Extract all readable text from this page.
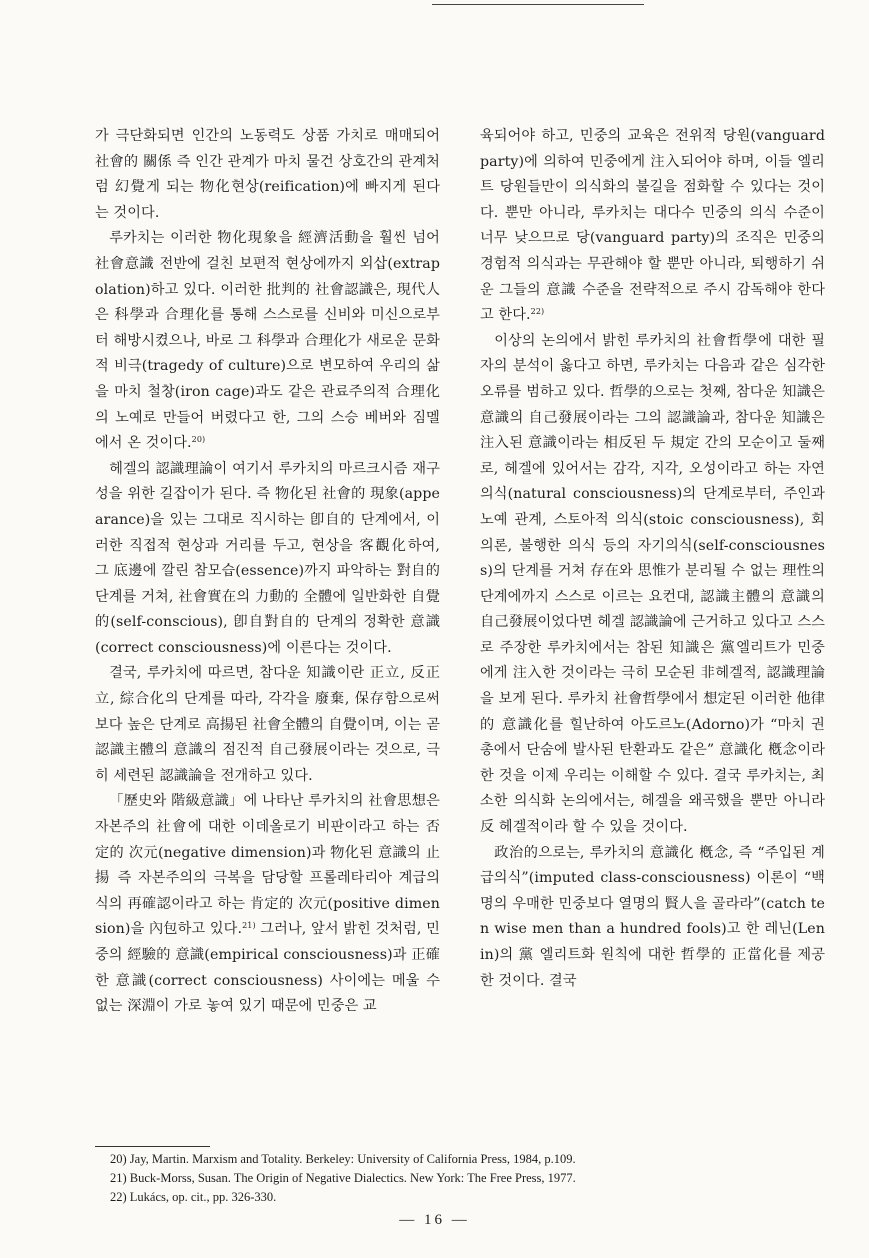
가 극단화되면 인간의 노동력도 상품 가치로 매매되어 社會的 關係 즉 인간 관계가 마치 물건 상호간의 관계처럼 幻覺게 되는 物化현상(reification)에 빠지게 된다는 것이다.

루카치는 이러한 物化現象을 經濟活動을 훨씬 넘어 社會意識 전반에 걸친 보편적 현상에까지 외삽(extrapolation)하고 있다. 이러한 批判的 社會認識은, 現代人은 科學과 合理化를 통해 스스로를 신비와 미신으로부터 해방시켰으나, 바로 그 科學과 合理化가 새로운 문화적 비극(tragedy of culture)으로 변모하여 우리의 삶을 마치 철창(iron cage)과도 같은 관료주의적 合理化의 노예로 만들어 버렸다고 한, 그의 스승 베버와 짐멜에서 온 것이다.$^{20)}$

헤겔의 認識理論이 여기서 루카치의 마르크시즘 재구성을 위한 길잡이가 된다. 즉 物化된 社會的 現象(appearance)을 있는 그대로 직시하는 卽自的 단계에서, 이러한 직접적 현상과 거리를 두고, 현상을 客觀化하여, 그 底邊에 깔린 참모습(essence)까지 파악하는 對自的 단계를 거쳐, 社會實在의 力動的 全體에 일반화한 自覺的(self-conscious), 卽自對自的 단계의 정확한 意識(correct consciousness)에 이른다는 것이다.

결국, 루카치에 따르면, 참다운 知識이란 正立, 反正立, 綜合化의 단계를 따라, 각각을 廢棄, 保存함으로써 보다 높은 단계로 高揚된 社會全體의 自覺이며, 이는 곧 認識主體의 意識의 점진적 自己發展이라는 것으로, 극히 세련된 認識論을 전개하고 있다.

「歷史와 階級意識」에 나타난 루카치의 社會思想은 자본주의 社會에 대한 이데올로기 비판이라고 하는 否定的 次元(negative dimension)과 物化된 意識의 止揚 즉 자본주의의 극복을 담당할 프롤레타리아 계급의식의 再確認이라고 하는 肯定的 次元(positive dimension)을 內包하고 있다.$^{21)}$ 그러나, 앞서 밝힌 것처럼, 민중의 經驗的 意識(empirical consciousness)과 正確한 意識(correct consciousness) 사이에는 메울 수 없는 深淵이 가로 놓여 있기 때문에 민중은 교

육되어야 하고, 민중의 교육은 전위적 당원(vanguard party)에 의하여 민중에게 注入되어야 하며, 이들 엘리트 당원들만이 의식화의 불길을 점화할 수 있다는 것이다. 뿐만 아니라, 루카치는 대다수 민중의 의식 수준이 너무 낮으므로 당(vanguard party)의 조직은 민중의 경험적 의식과는 무관해야 할 뿐만 아니라, 퇴행하기 쉬운 그들의 意識 수준을 전략적으로 주시 감독해야 한다고 한다.$^{22)}$

이상의 논의에서 밝힌 루카치의 社會哲學에 대한 필자의 분석이 옳다고 하면, 루카치는 다음과 같은 심각한 오류를 범하고 있다. 哲學的으로는 첫째, 참다운 知識은 意識의 自己發展이라는 그의 認識論과, 참다운 知識은 注入된 意識이라는 相反된 두 規定 간의 모순이고 둘째로, 헤겔에 있어서는 감각, 지각, 오성이라고 하는 자연의식(natural consciousness)의 단계로부터, 주인과 노예 관계, 스토아적 의식(stoic consciousness), 회의론, 불행한 의식 등의 자기의식(self-consciousness)의 단계를 거쳐 存在와 思惟가 분리될 수 없는 理性의 단계에까지 스스로 이르는 요컨대, 認識主體의 意識의 自己發展이었다면 헤겔 認識論에 근거하고 있다고 스스로 주장한 루카치에서는 참된 知識은 黨엘리트가 민중에게 注入한 것이라는 극히 모순된 非헤겔적, 認識理論을 보게 된다. 루카치 社會哲學에서 想定된 이러한 他律的 意識化를 힐난하여 아도르노(Adorno)가 “마치 권총에서 단숨에 발사된 탄환과도 같은” 意識化 槪念이라 한 것을 이제 우리는 이해할 수 있다. 결국 루카치는, 최소한 의식화 논의에서는, 헤겔을 왜곡했을 뿐만 아니라 反 헤겔적이라 할 수 있을 것이다.

政治的으로는, 루카치의 意識化 槪念, 즉 “주입된 계급의식”(imputed class-consciousness) 이론이 “백명의 우매한 민중보다 열명의 賢人을 골라라”(catch ten wise men than a hundred fools)고 한 레닌(Lenin)의 黨 엘리트화 원칙에 대한 哲學的 正當化를 제공한 것이다. 결국

20) Jay, Martin. Marxism and Totality. Berkeley: University of California Press, 1984, p.109.
21) Buck-Morss, Susan. The Origin of Negative Dialectics. New York: The Free Press, 1977.
22) Lukács, op. cit., pp. 326-330.
— 16 —
